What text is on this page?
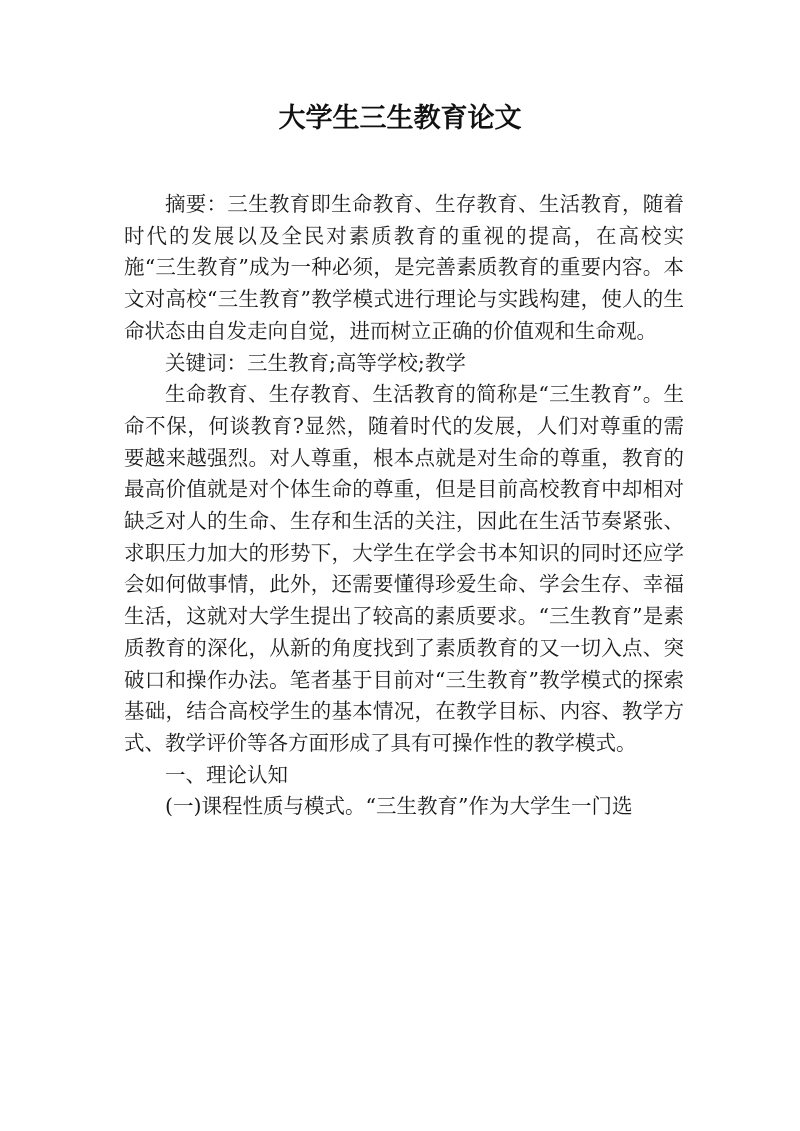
大学生三生教育论文

摘要：三生教育即生命教育、生存教育、生活教育，随着时代的发展以及全民对素质教育的重视的提高，在高校实施“三生教育”成为一种必须，是完善素质教育的重要内容。本文对高校“三生教育”教学模式进行理论与实践构建，使人的生命状态由自发走向自觉，进而树立正确的价值观和生命观。

关键词：三生教育;高等学校;教学

生命教育、生存教育、生活教育的简称是“三生教育”。生命不保，何谈教育?显然，随着时代的发展，人们对尊重的需要越来越强烈。对人尊重，根本点就是对生命的尊重，教育的最高价值就是对个体生命的尊重，但是目前高校教育中却相对缺乏对人的生命、生存和生活的关注，因此在生活节奏紧张、求职压力加大的形势下，大学生在学会书本知识的同时还应学会如何做事情，此外，还需要懂得珍爱生命、学会生存、幸福生活，这就对大学生提出了较高的素质要求。“三生教育”是素质教育的深化，从新的角度找到了素质教育的又一切入点、突破口和操作办法。笔者基于目前对“三生教育”教学模式的探索基础，结合高校学生的基本情况，在教学目标、内容、教学方式、教学评价等各方面形成了具有可操作性的教学模式。

一、理论认知

(一)课程性质与模式。“三生教育”作为大学生一门选
